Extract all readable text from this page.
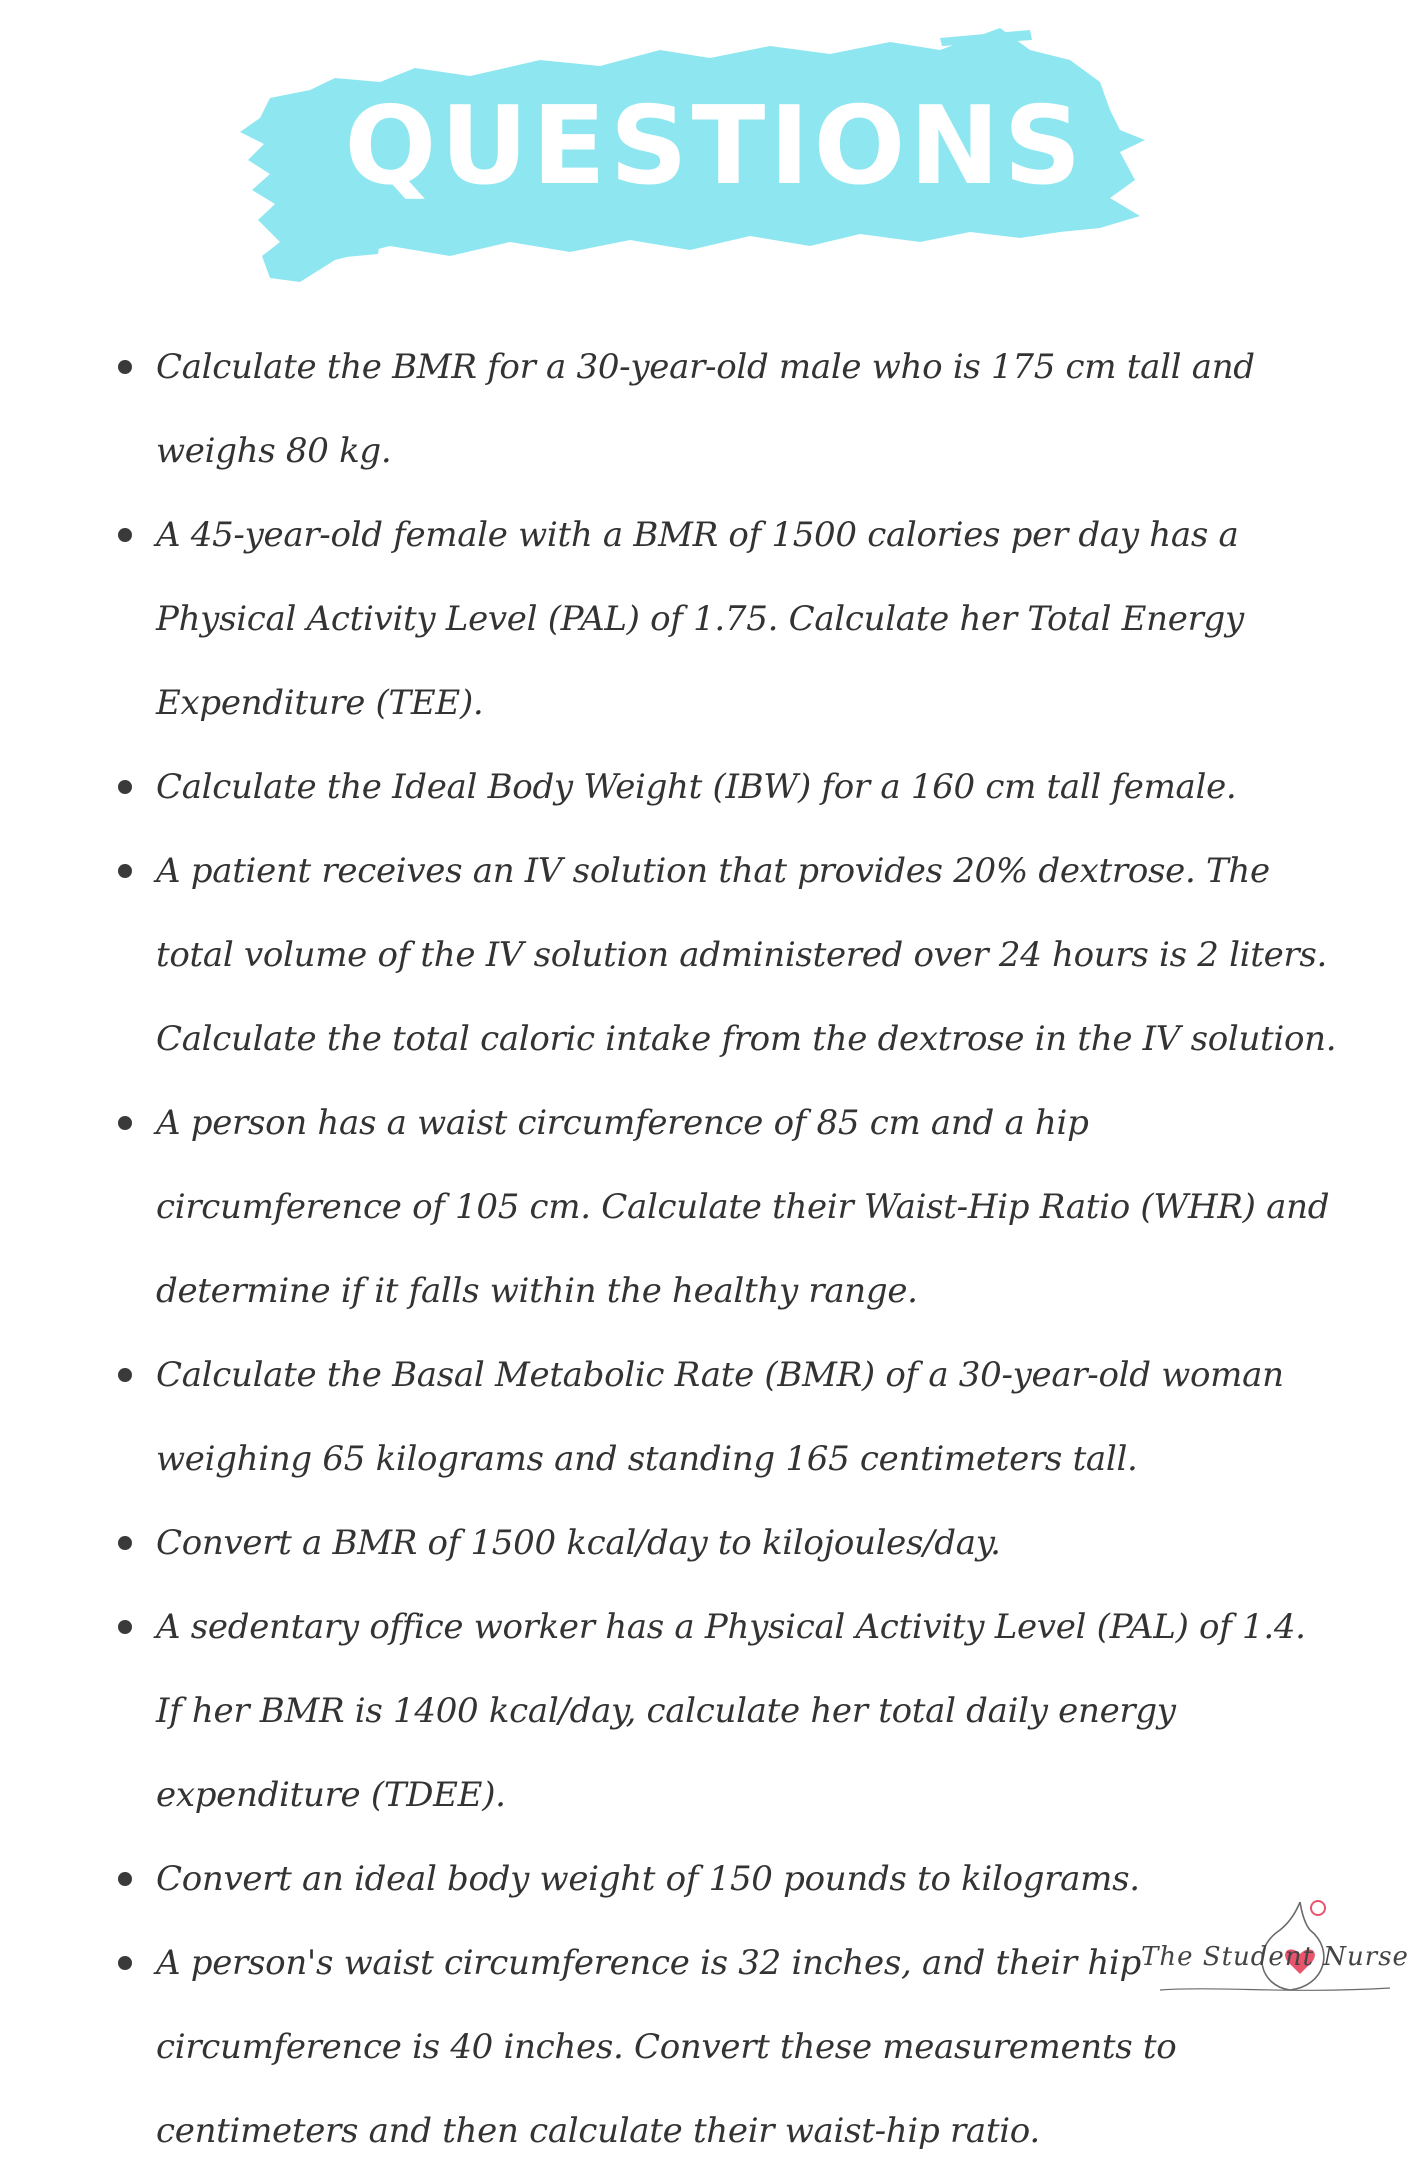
QUESTIONS
Calculate the BMR for a 30-year-old male who is 175 cm tall and weighs 80 kg.
A 45-year-old female with a BMR of 1500 calories per day has a Physical Activity Level (PAL) of 1.75. Calculate her Total Energy Expenditure (TEE).
Calculate the Ideal Body Weight (IBW) for a 160 cm tall female.
A patient receives an IV solution that provides 20% dextrose. The total volume of the IV solution administered over 24 hours is 2 liters. Calculate the total caloric intake from the dextrose in the IV solution.
A person has a waist circumference of 85 cm and a hip circumference of 105 cm. Calculate their Waist-Hip Ratio (WHR) and determine if it falls within the healthy range.
Calculate the Basal Metabolic Rate (BMR) of a 30-year-old woman weighing 65 kilograms and standing 165 centimeters tall.
Convert a BMR of 1500 kcal/day to kilojoules/day.
A sedentary office worker has a Physical Activity Level (PAL) of 1.4. If her BMR is 1400 kcal/day, calculate her total daily energy expenditure (TDEE).
Convert an ideal body weight of 150 pounds to kilograms.
A person's waist circumference is 32 inches, and their hip circumference is 40 inches. Convert these measurements to centimeters and then calculate their waist-hip ratio.
The Student Nurse
